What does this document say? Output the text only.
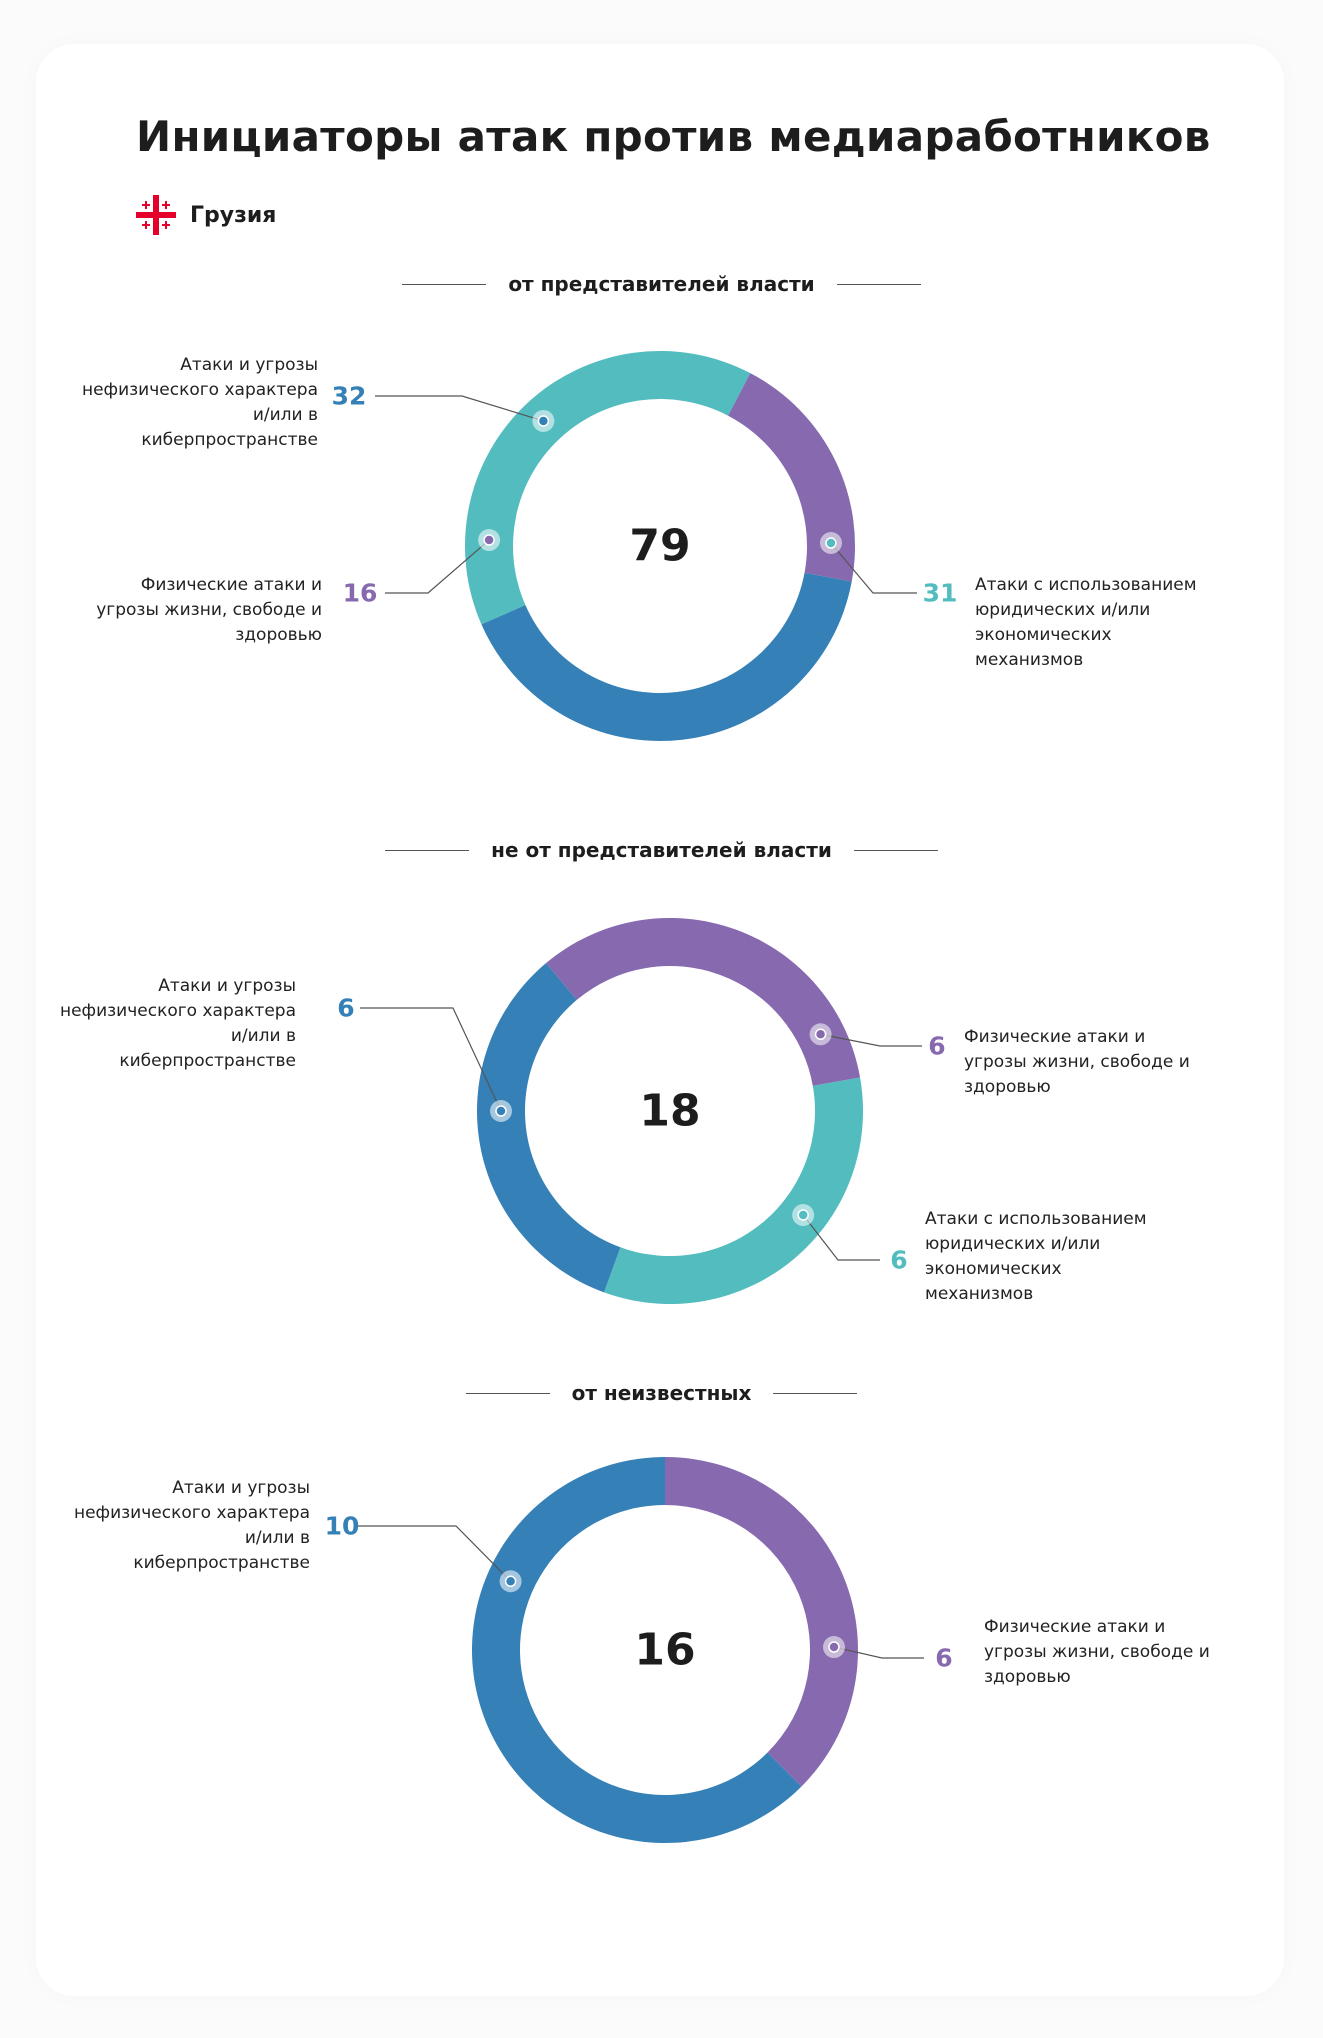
Инициаторы атак против медиаработников
Грузия
от представителей власти
не от представителей власти
от неизвестных
32
31
16
79
6
6
6
18
6
10
16
Атаки и угрозы нефизического характера и/или в киберпространстве
Атаки с использованием юридических и/или экономических механизмов
Физические атаки и угрозы жизни, свободе и здоровью
Физические атаки и угрозы жизни, свободе и здоровью
Атаки с использованием юридических и/или экономических механизмов
Атаки и угрозы нефизического характера и/или в киберпространстве
Физические атаки и угрозы жизни, свободе и здоровью
Атаки и угрозы нефизического характера и/или в киберпространстве
